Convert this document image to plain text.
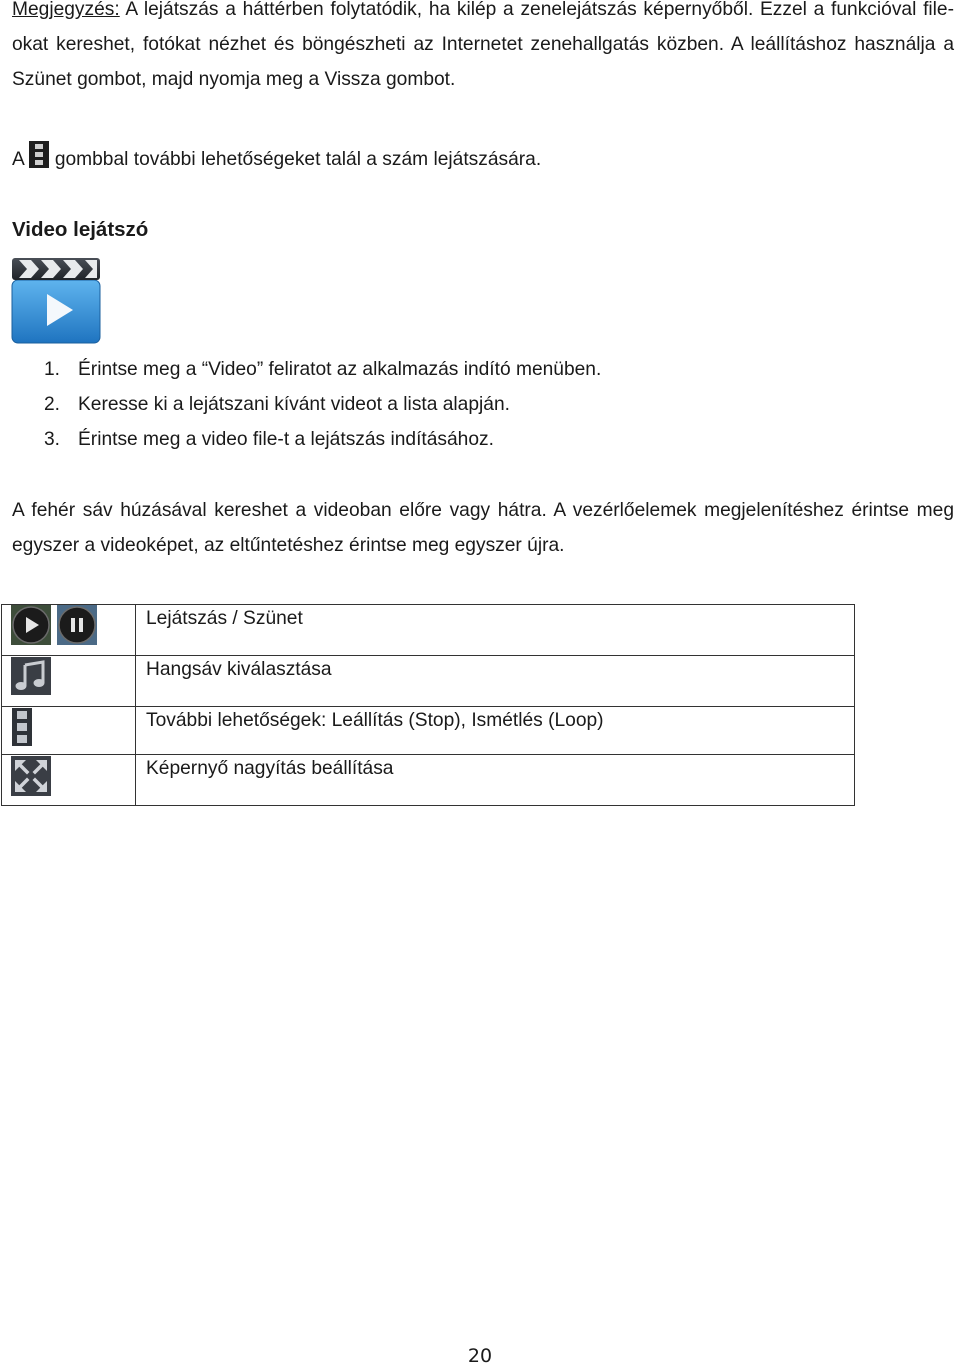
Megjegyzés: A lejátszás a háttérben folytatódik, ha kilép a zenelejátszás képernyőből. Ezzel a funkcióval file-okat kereshet, fotókat nézhet és böngészheti az Internetet zenehallgatás közben. A leállításhoz használja a Szünet gombot, majd nyomja meg a Vissza gombot.
A gombbal további lehetőségeket talál a szám lejátszására.
Video lejátszó
1. Érintse meg a “Video” feliratot az alkalmazás indító menüben.
2. Keresse ki a lejátszani kívánt videot a lista alapján.
3. Érintse meg a video file-t a lejátszás indításához.
A fehér sáv húzásával kereshet a videoban előre vagy hátra. A vezérlőelemek megjelenítéshez érintse meg egyszer a videoképet, az eltűntetéshez érintse meg egyszer újra.
	Lejátszás / Szünet

	Hangsáv kiválasztása

	További lehetőségek: Leállítás (Stop), Ismétlés (Loop)

	Képernyő nagyítás beállítása
20
